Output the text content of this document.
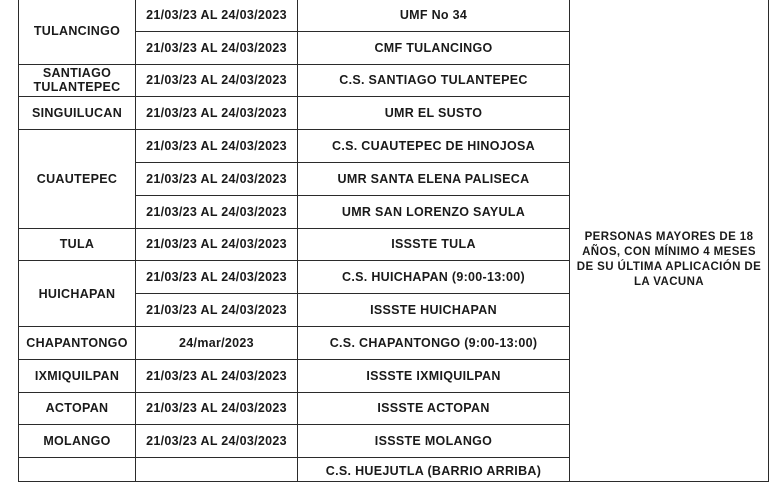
TULANCINGO	21/03/23 AL 24/03/2023	UMF No 34	PERSONAS MAYORES DE 18 AÑOS, CON MÍNIMO 4 MESES DE SU ÚLTIMA APLICACIÓN DE LA VACUNA
	21/03/23 AL 24/03/2023	CMF TULANCINGO	
SANTIAGO TULANTEPEC	21/03/23 AL 24/03/2023	C.S. SANTIAGO TULANTEPEC	
SINGUILUCAN	21/03/23 AL 24/03/2023	UMR EL SUSTO	
CUAUTEPEC	21/03/23 AL 24/03/2023	C.S. CUAUTEPEC DE HINOJOSA	
	21/03/23 AL 24/03/2023	UMR SANTA ELENA PALISECA	
	21/03/23 AL 24/03/2023	UMR SAN LORENZO SAYULA	
TULA	21/03/23 AL 24/03/2023	ISSSTE TULA	
HUICHAPAN	21/03/23 AL 24/03/2023	C.S. HUICHAPAN (9:00-13:00)	
	21/03/23 AL 24/03/2023	ISSSTE HUICHAPAN	
CHAPANTONGO	24/mar/2023	C.S. CHAPANTONGO (9:00-13:00)	
IXMIQUILPAN	21/03/23 AL 24/03/2023	ISSSTE IXMIQUILPAN	
ACTOPAN	21/03/23 AL 24/03/2023	ISSSTE ACTOPAN	
MOLANGO	21/03/23 AL 24/03/2023	ISSSTE MOLANGO	
		C.S. HUEJUTLA (BARRIO ARRIBA)	
